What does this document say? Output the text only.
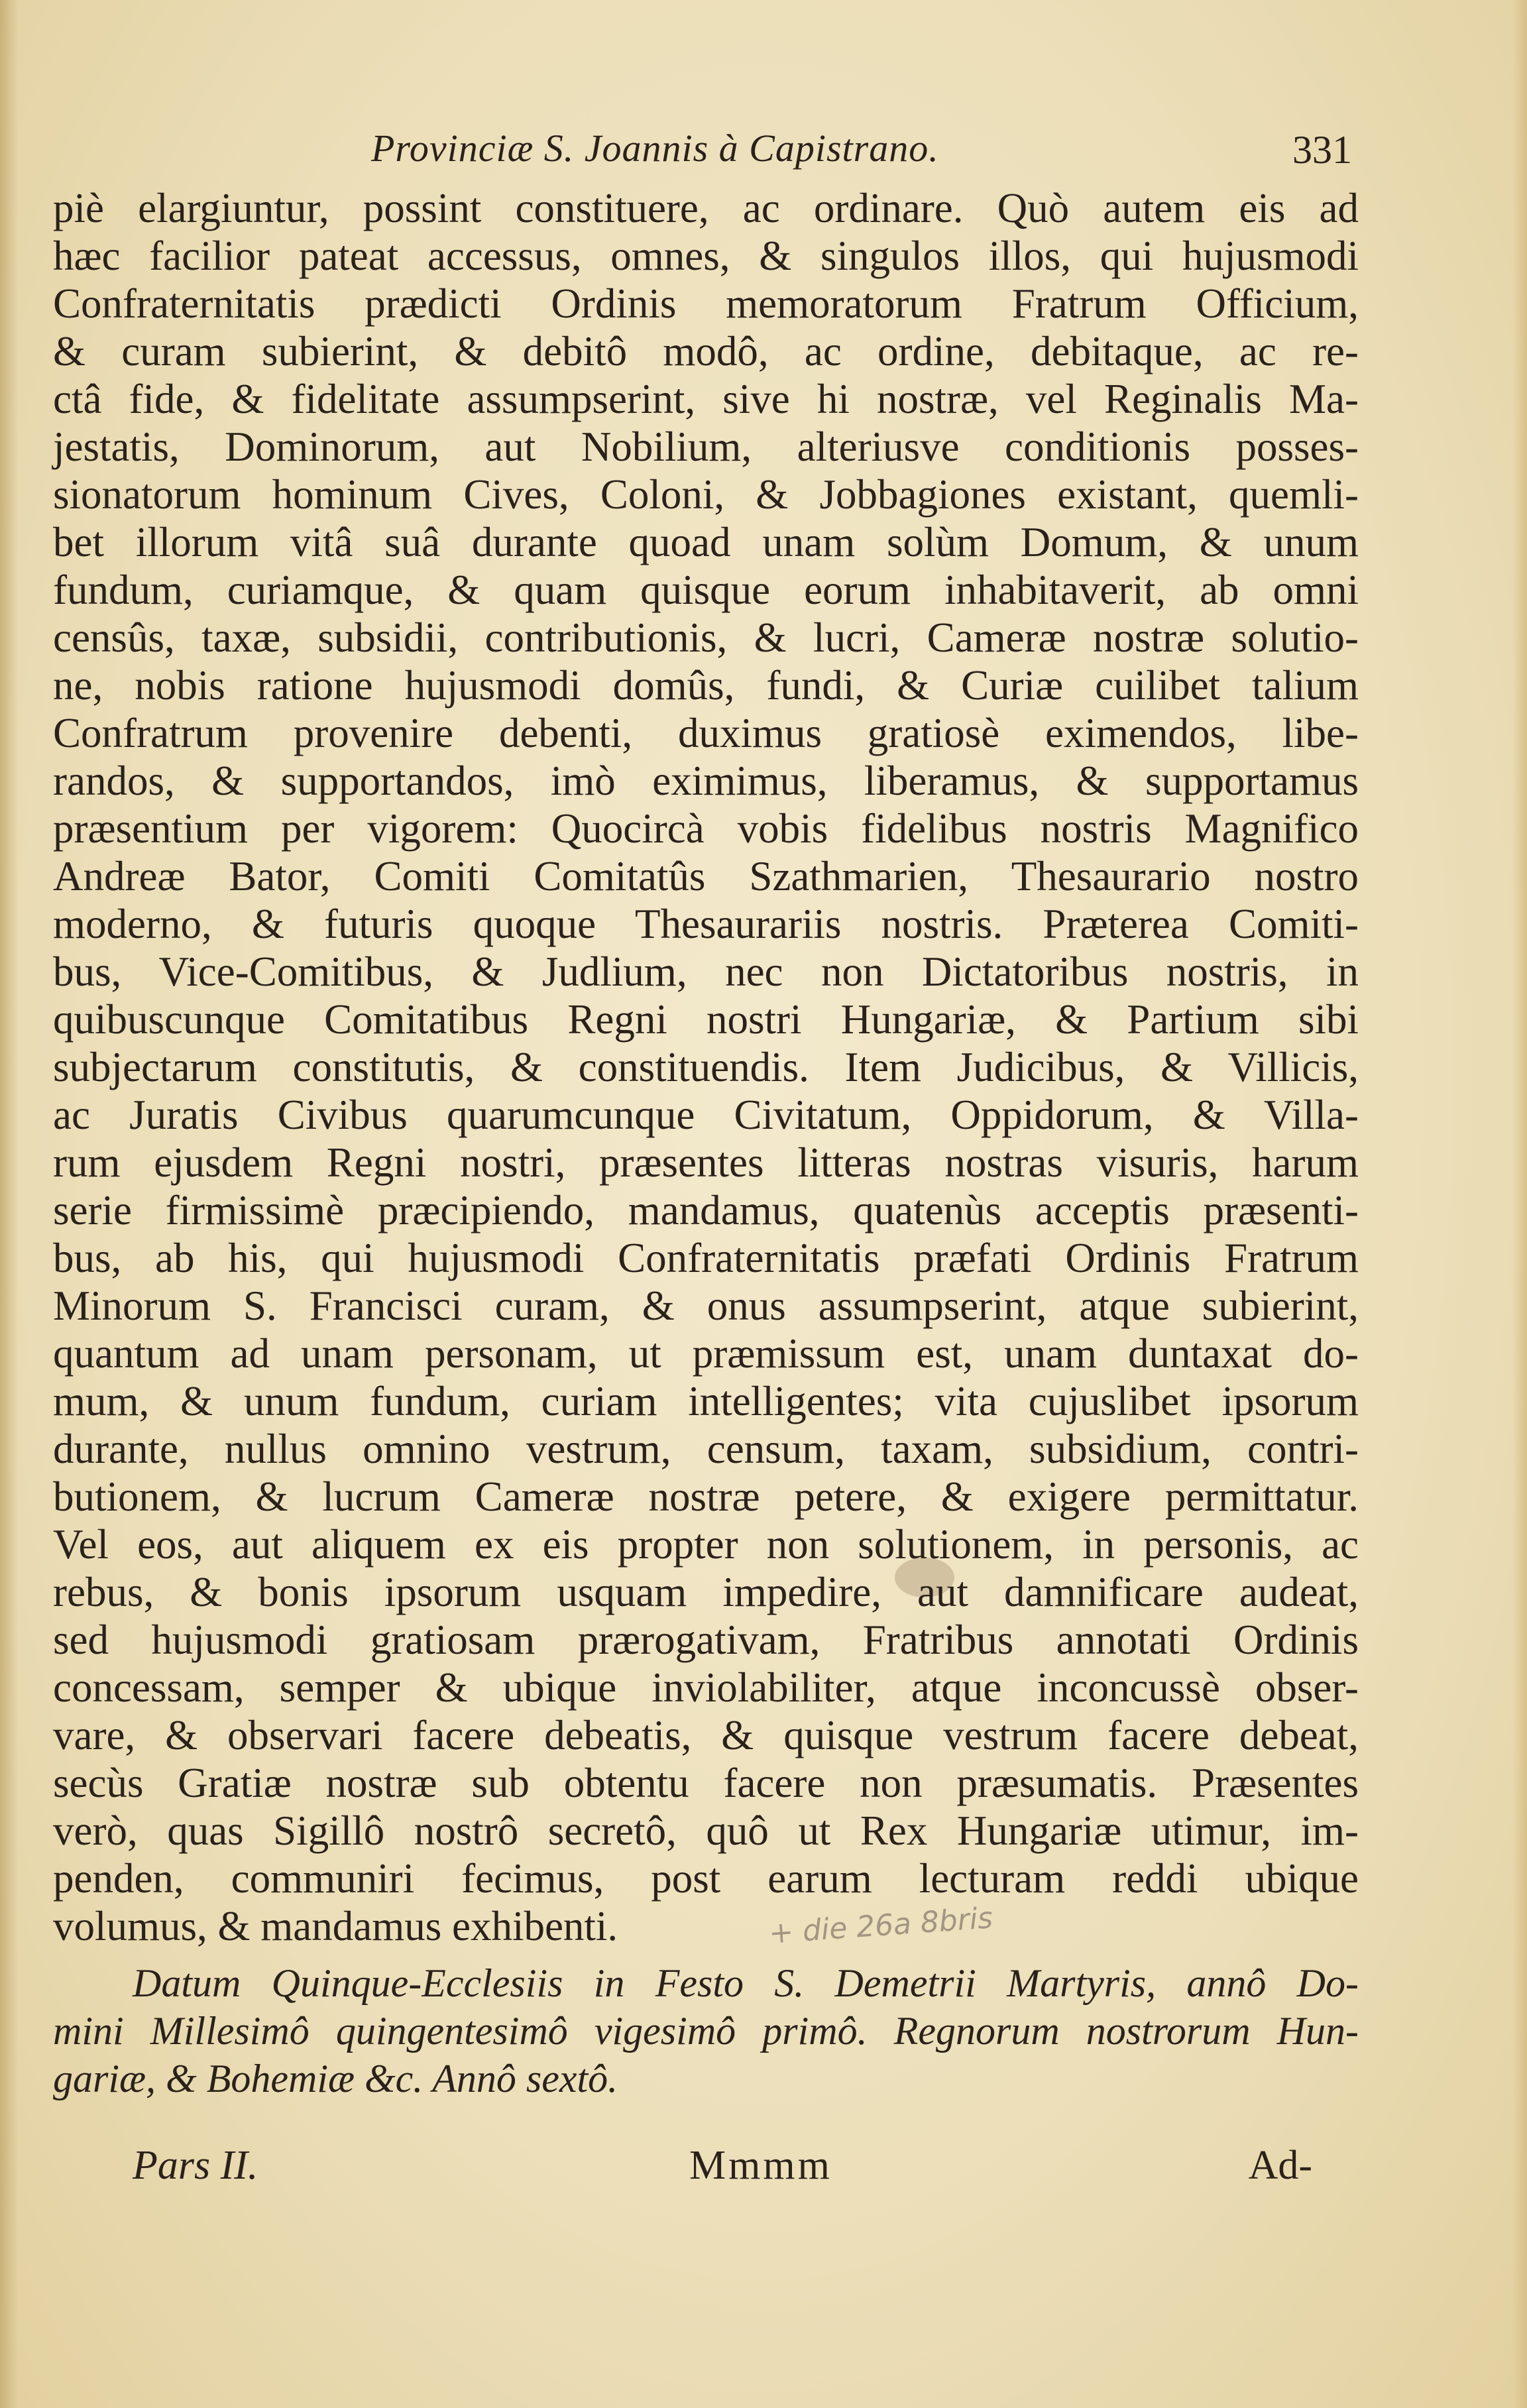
Provinciæ S. Joannis à Capistrano.	331
piè elargiuntur, possint constituere, ac ordinare. Quò autem eis ad
hæc facilior pateat accessus, omnes, & singulos illos, qui hujusmodi
Confraternitatis prædicti Ordinis memoratorum Fratrum Officium,
& curam subierint, & debitô modô, ac ordine, debitaque, ac re-
ctâ fide, & fidelitate assumpserint, sive hi nostræ, vel Reginalis Ma-
jestatis, Dominorum, aut Nobilium, alteriusve conditionis posses-
sionatorum hominum Cives, Coloni, & Jobbagiones existant, quemli-
bet illorum vitâ suâ durante quoad unam solùm Domum, & unum
fundum, curiamque, & quam quisque eorum inhabitaverit, ab omni
censûs, taxæ, subsidii, contributionis, & lucri, Cameræ nostræ solutio-
ne, nobis ratione hujusmodi domûs, fundi, & Curiæ cuilibet talium
Confratrum provenire debenti, duximus gratiosè eximendos, libe-
randos, & supportandos, imò eximimus, liberamus, & supportamus
præsentium per vigorem: Quocircà vobis fidelibus nostris Magnifico
Andreæ Bator, Comiti Comitatûs Szathmarien, Thesaurario nostro
moderno, & futuris quoque Thesaurariis nostris. Præterea Comiti-
bus, Vice-Comitibus, & Judlium, nec non Dictatoribus nostris, in
quibuscunque Comitatibus Regni nostri Hungariæ, & Partium sibi
subjectarum constitutis, & constituendis. Item Judicibus, & Villicis,
ac Juratis Civibus quarumcunque Civitatum, Oppidorum, & Villa-
rum ejusdem Regni nostri, præsentes litteras nostras visuris, harum
serie firmissimè præcipiendo, mandamus, quatenùs acceptis præsenti-
bus, ab his, qui hujusmodi Confraternitatis præfati Ordinis Fratrum
Minorum S. Francisci curam, & onus assumpserint, atque subierint,
quantum ad unam personam, ut præmissum est, unam duntaxat do-
mum, & unum fundum, curiam intelligentes; vita cujuslibet ipsorum
durante, nullus omnino vestrum, censum, taxam, subsidium, contri-
butionem, & lucrum Cameræ nostræ petere, & exigere permittatur.
Vel eos, aut aliquem ex eis propter non solutionem, in personis, ac
rebus, & bonis ipsorum usquam impedire, aut damnificare audeat,
sed hujusmodi gratiosam prærogativam, Fratribus annotati Ordinis
concessam, semper & ubique inviolabiliter, atque inconcussè obser-
vare, & observari facere debeatis, & quisque vestrum facere debeat,
secùs Gratiæ nostræ sub obtentu facere non præsumatis. Præsentes
verò, quas Sigillô nostrô secretô, quô ut Rex Hungariæ utimur, im-
penden, communiri fecimus, post earum lecturam reddi ubique
volumus, & mandamus exhibenti.	+ die 26a 8bris
Datum Quinque-Ecclesiis in Festo S. Demetrii Martyris, annô Do-
mini Millesimô quingentesimô vigesimô primô. Regnorum nostrorum Hun-
gariæ, & Bohemiæ &c. Annô sextô.
Pars II.	Mmmm	Ad-
